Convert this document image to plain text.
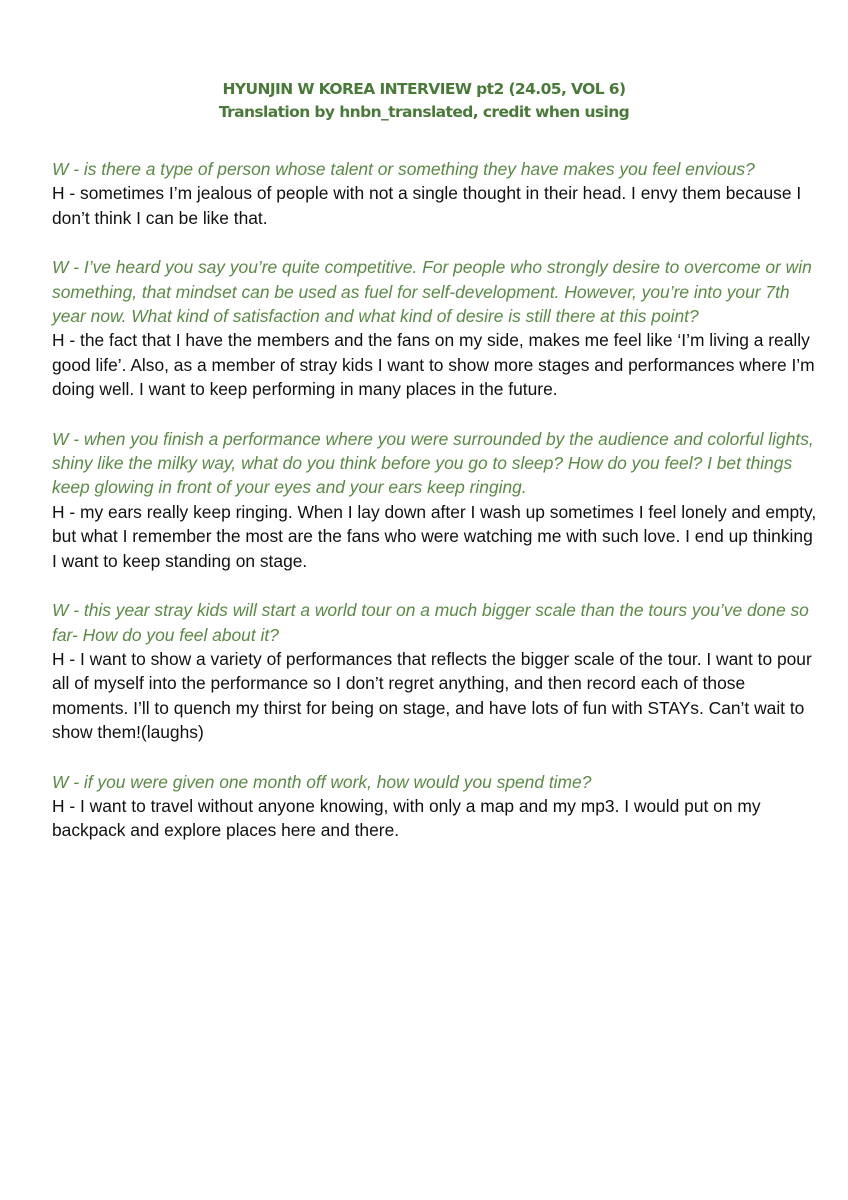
HYUNJIN W KOREA INTERVIEW pt2 (24.05, VOL 6)
Translation by hnbn_translated, credit when using

W - is there a type of person whose talent or something they have makes you feel envious?

H - sometimes I’m jealous of people with not a single thought in their head. I envy them because I don’t think I can be like that.

W - I’ve heard you say you’re quite competitive. For people who strongly desire to overcome or win something, that mindset can be used as fuel for self-development. However, you’re into your 7th year now. What kind of satisfaction and what kind of desire is still there at this point?

H - the fact that I have the members and the fans on my side, makes me feel like ‘I’m living a really good life’. Also, as a member of stray kids I want to show more stages and performances where I’m doing well. I want to keep performing in many places in the future.

W - when you finish a performance where you were surrounded by the audience and colorful lights, shiny like the milky way, what do you think before you go to sleep? How do you feel? I bet things keep glowing in front of your eyes and your ears keep ringing.

H - my ears really keep ringing. When I lay down after I wash up sometimes I feel lonely and empty, but what I remember the most are the fans who were watching me with such love. I end up thinking I want to keep standing on stage.

W - this year stray kids will start a world tour on a much bigger scale than the tours you’ve done so far- How do you feel about it?

H - I want to show a variety of performances that reflects the bigger scale of the tour. I want to pour all of myself into the performance so I don’t regret anything, and then record each of those moments. I’ll to quench my thirst for being on stage, and have lots of fun with STAYs. Can’t wait to show them!(laughs)

W - if you were given one month off work, how would you spend time?

H - I want to travel without anyone knowing, with only a map and my mp3. I would put on my backpack and explore places here and there.
